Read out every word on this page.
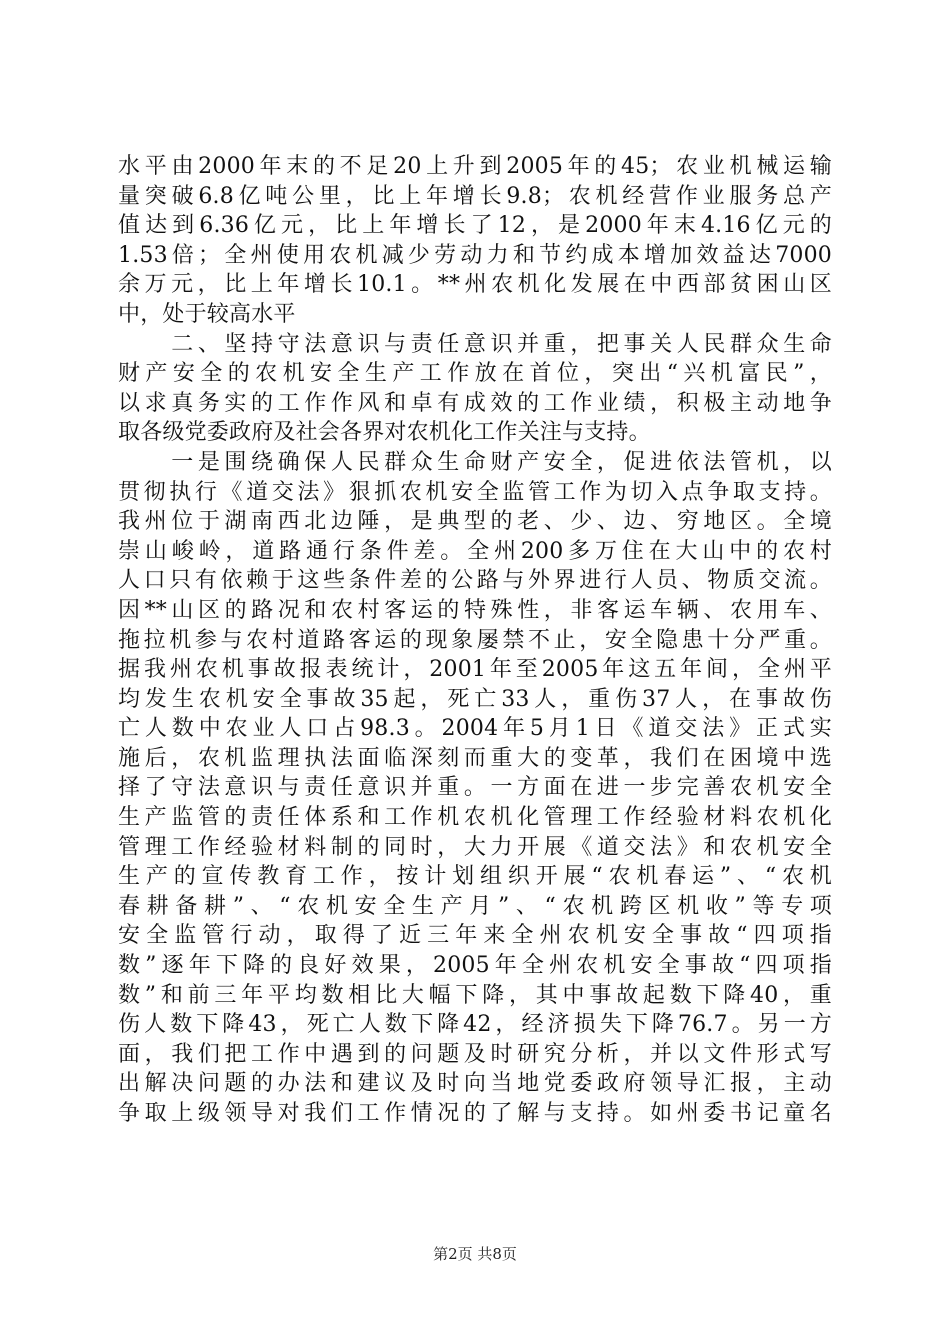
水平由2000年末的不足20上升到2005年的45；农业机械运输
量突破6.8亿吨公里，比上年增长9.8；农机经营作业服务总产
值达到6.36亿元，比上年增长了12，是2000年末4.16亿元的
1.53倍；全州使用农机减少劳动力和节约成本增加效益达7000
余万元，比上年增长10.1。**州农机化发展在中西部贫困山区
中，处于较高水平
　　二、坚持守法意识与责任意识并重，把事关人民群众生命
财产安全的农机安全生产工作放在首位，突出“兴机富民”，
以求真务实的工作作风和卓有成效的工作业绩，积极主动地争
取各级党委政府及社会各界对农机化工作关注与支持。
　　一是围绕确保人民群众生命财产安全，促进依法管机，以
贯彻执行《道交法》狠抓农机安全监管工作为切入点争取支持。
我州位于湖南西北边陲，是典型的老、少、边、穷地区。全境
崇山峻岭，道路通行条件差。全州200多万住在大山中的农村
人口只有依赖于这些条件差的公路与外界进行人员、物质交流。
因**山区的路况和农村客运的特殊性，非客运车辆、农用车、
拖拉机参与农村道路客运的现象屡禁不止，安全隐患十分严重。
据我州农机事故报表统计，2001年至2005年这五年间，全州平
均发生农机安全事故35起，死亡33人，重伤37人，在事故伤
亡人数中农业人口占98.3。2004年5月1日《道交法》正式实
施后，农机监理执法面临深刻而重大的变革，我们在困境中选
择了守法意识与责任意识并重。一方面在进一步完善农机安全
生产监管的责任体系和工作机农机化管理工作经验材料农机化
管理工作经验材料制的同时，大力开展《道交法》和农机安全
生产的宣传教育工作，按计划组织开展“农机春运”、“农机
春耕备耕”、“农机安全生产月”、“农机跨区机收”等专项
安全监管行动，取得了近三年来全州农机安全事故“四项指
数”逐年下降的良好效果，2005年全州农机安全事故“四项指
数”和前三年平均数相比大幅下降，其中事故起数下降40，重
伤人数下降43，死亡人数下降42，经济损失下降76.7。另一方
面，我们把工作中遇到的问题及时研究分析，并以文件形式写
出解决问题的办法和建议及时向当地党委政府领导汇报，主动
争取上级领导对我们工作情况的了解与支持。如州委书记童名
第2页 共8页
